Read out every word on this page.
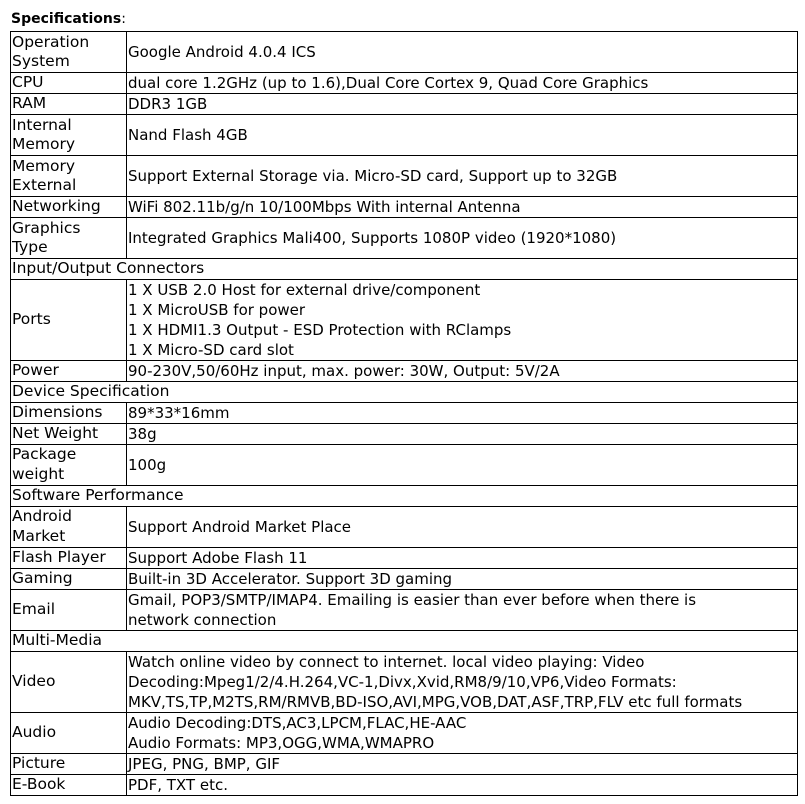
Specifications:
Operation
System	Google Android 4.0.4 ICS

CPU	dual core 1.2GHz (up to 1.6),Dual Core Cortex 9, Quad Core Graphics

RAM	DDR3 1GB

Internal
Memory	Nand Flash 4GB

Memory
External	Support External Storage via. Micro-SD card, Support up to 32GB

Networking	WiFi 802.11b/g/n 10/100Mbps With internal Antenna

Graphics
Type	Integrated Graphics Mali400, Supports 1080P video (1920*1080)

Input/Output Connectors	
Ports	1 X USB 2.0 Host for external drive/component
1 X MicroUSB for power
1 X HDMI1.3 Output - ESD Protection with RClamps
1 X Micro-SD card slot

Power	90-230V,50/60Hz input, max. power: 30W, Output: 5V/2A

Device Specification	
Dimensions	89*33*16mm

Net Weight	38g

Package
weight	100g

Software Performance	
Android
Market	Support Android Market Place

Flash Player	Support Adobe Flash 11

Gaming	Built-in 3D Accelerator. Support 3D gaming

Email	Gmail, POP3/SMTP/IMAP4. Emailing is easier than ever before when there is
network connection

Multi-Media	
Video	Watch online video by connect to internet. local video playing: Video
Decoding:Mpeg1/2/4.H.264,VC-1,Divx,Xvid,RM8/9/10,VP6,Video Formats:
MKV,TS,TP,M2TS,RM/RMVB,BD-ISO,AVI,MPG,VOB,DAT,ASF,TRP,FLV etc full formats

Audio	Audio Decoding:DTS,AC3,LPCM,FLAC,HE-AAC
Audio Formats: MP3,OGG,WMA,WMAPRO

Picture	JPEG, PNG, BMP, GIF

E-Book	PDF, TXT etc.
